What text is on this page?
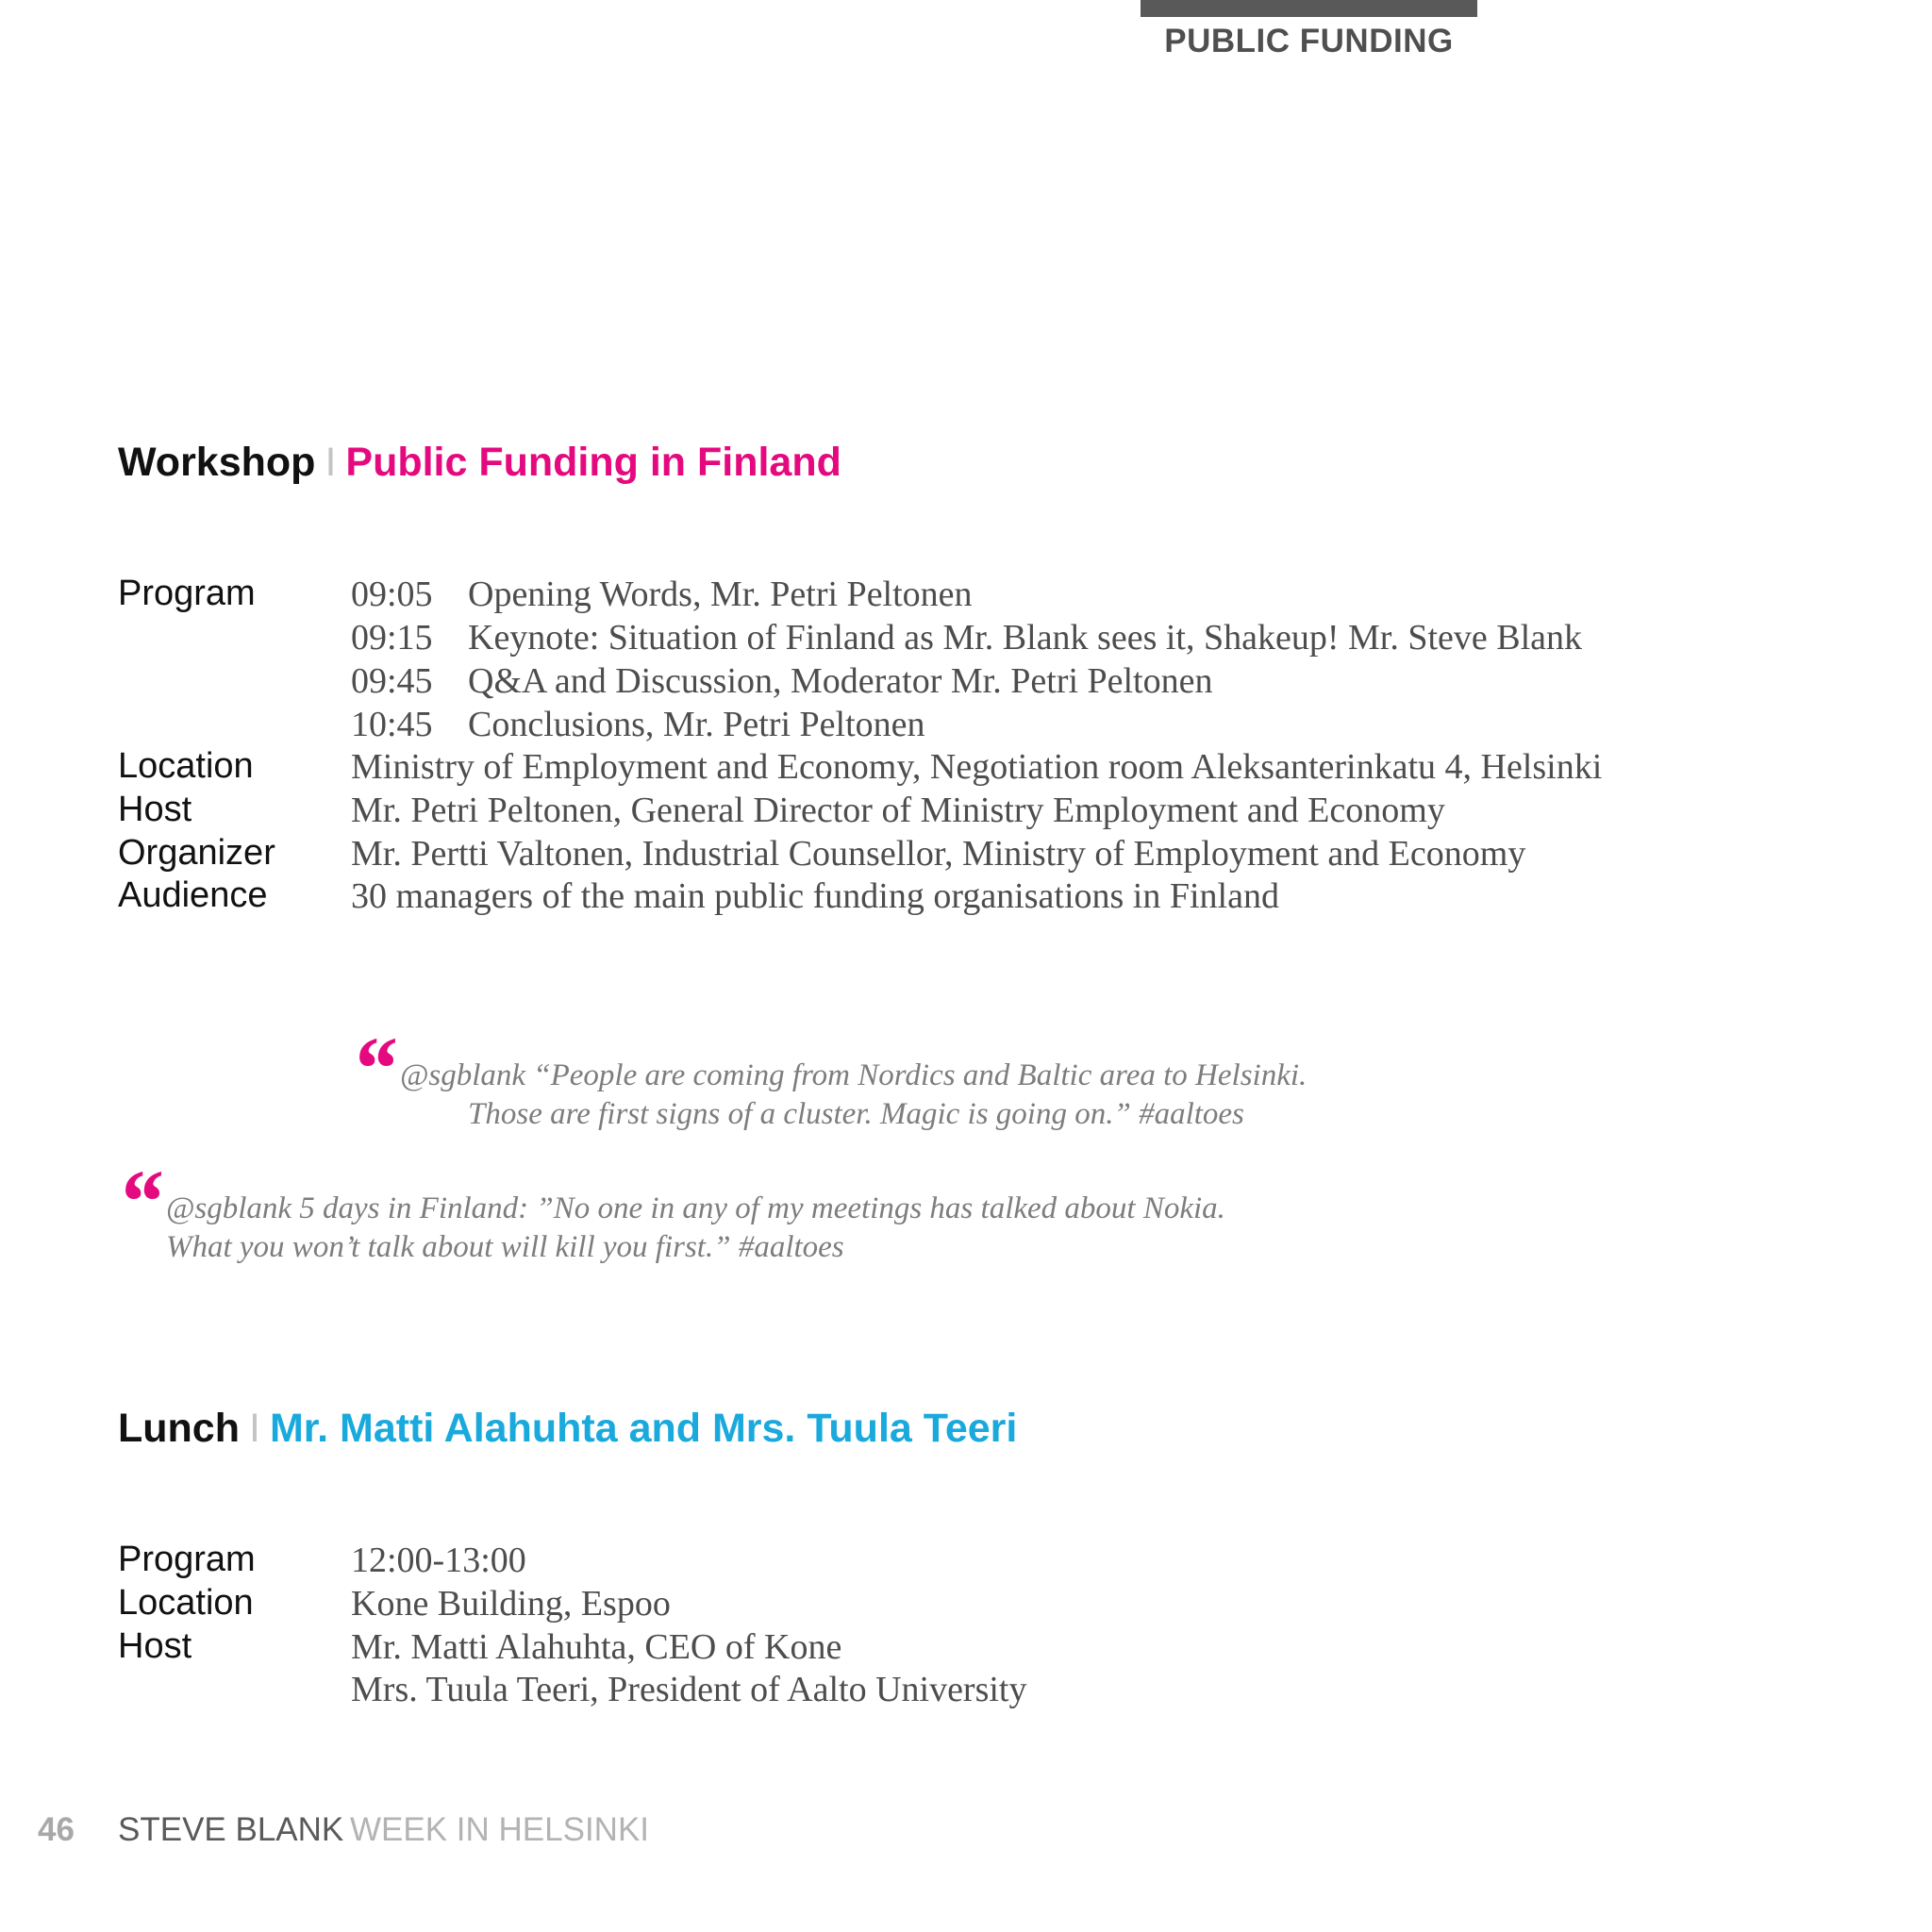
PUBLIC FUNDING
Workshop I Public Funding in Finland
Program	09:05 Opening Words, Mr. Petri Peltonen
09:15 Keynote: Situation of Finland as Mr. Blank sees it, Shakeup! Mr. Steve Blank
09:45 Q&A and Discussion, Moderator Mr. Petri Peltonen
10:45 Conclusions, Mr. Petri Peltonen
Location	Ministry of Employment and Economy, Negotiation room Aleksanterinkatu 4, Helsinki
Host	Mr. Petri Peltonen, General Director of Ministry Employment and Economy
Organizer Mr. Pertti Valtonen, Industrial Counsellor, Ministry of Employment and Economy
Audience 30 managers of the main public funding organisations in Finland
“ @sgblank “People are coming from Nordics and Baltic area to Helsinki.
Those are first signs of a cluster. Magic is going on.” #aaltoes
“ @sgblank 5 days in Finland: ”No one in any of my meetings has talked about Nokia.
What you won’t talk about will kill you first.” #aaltoes
Lunch I Mr. Matti Alahuhta and Mrs. Tuula Teeri
Program	12:00-13:00
Location	Kone Building, Espoo
Host	Mr. Matti Alahuhta, CEO of Kone
Mrs. Tuula Teeri, President of Aalto University
46 STEVE BLANK WEEK IN HELSINKI
